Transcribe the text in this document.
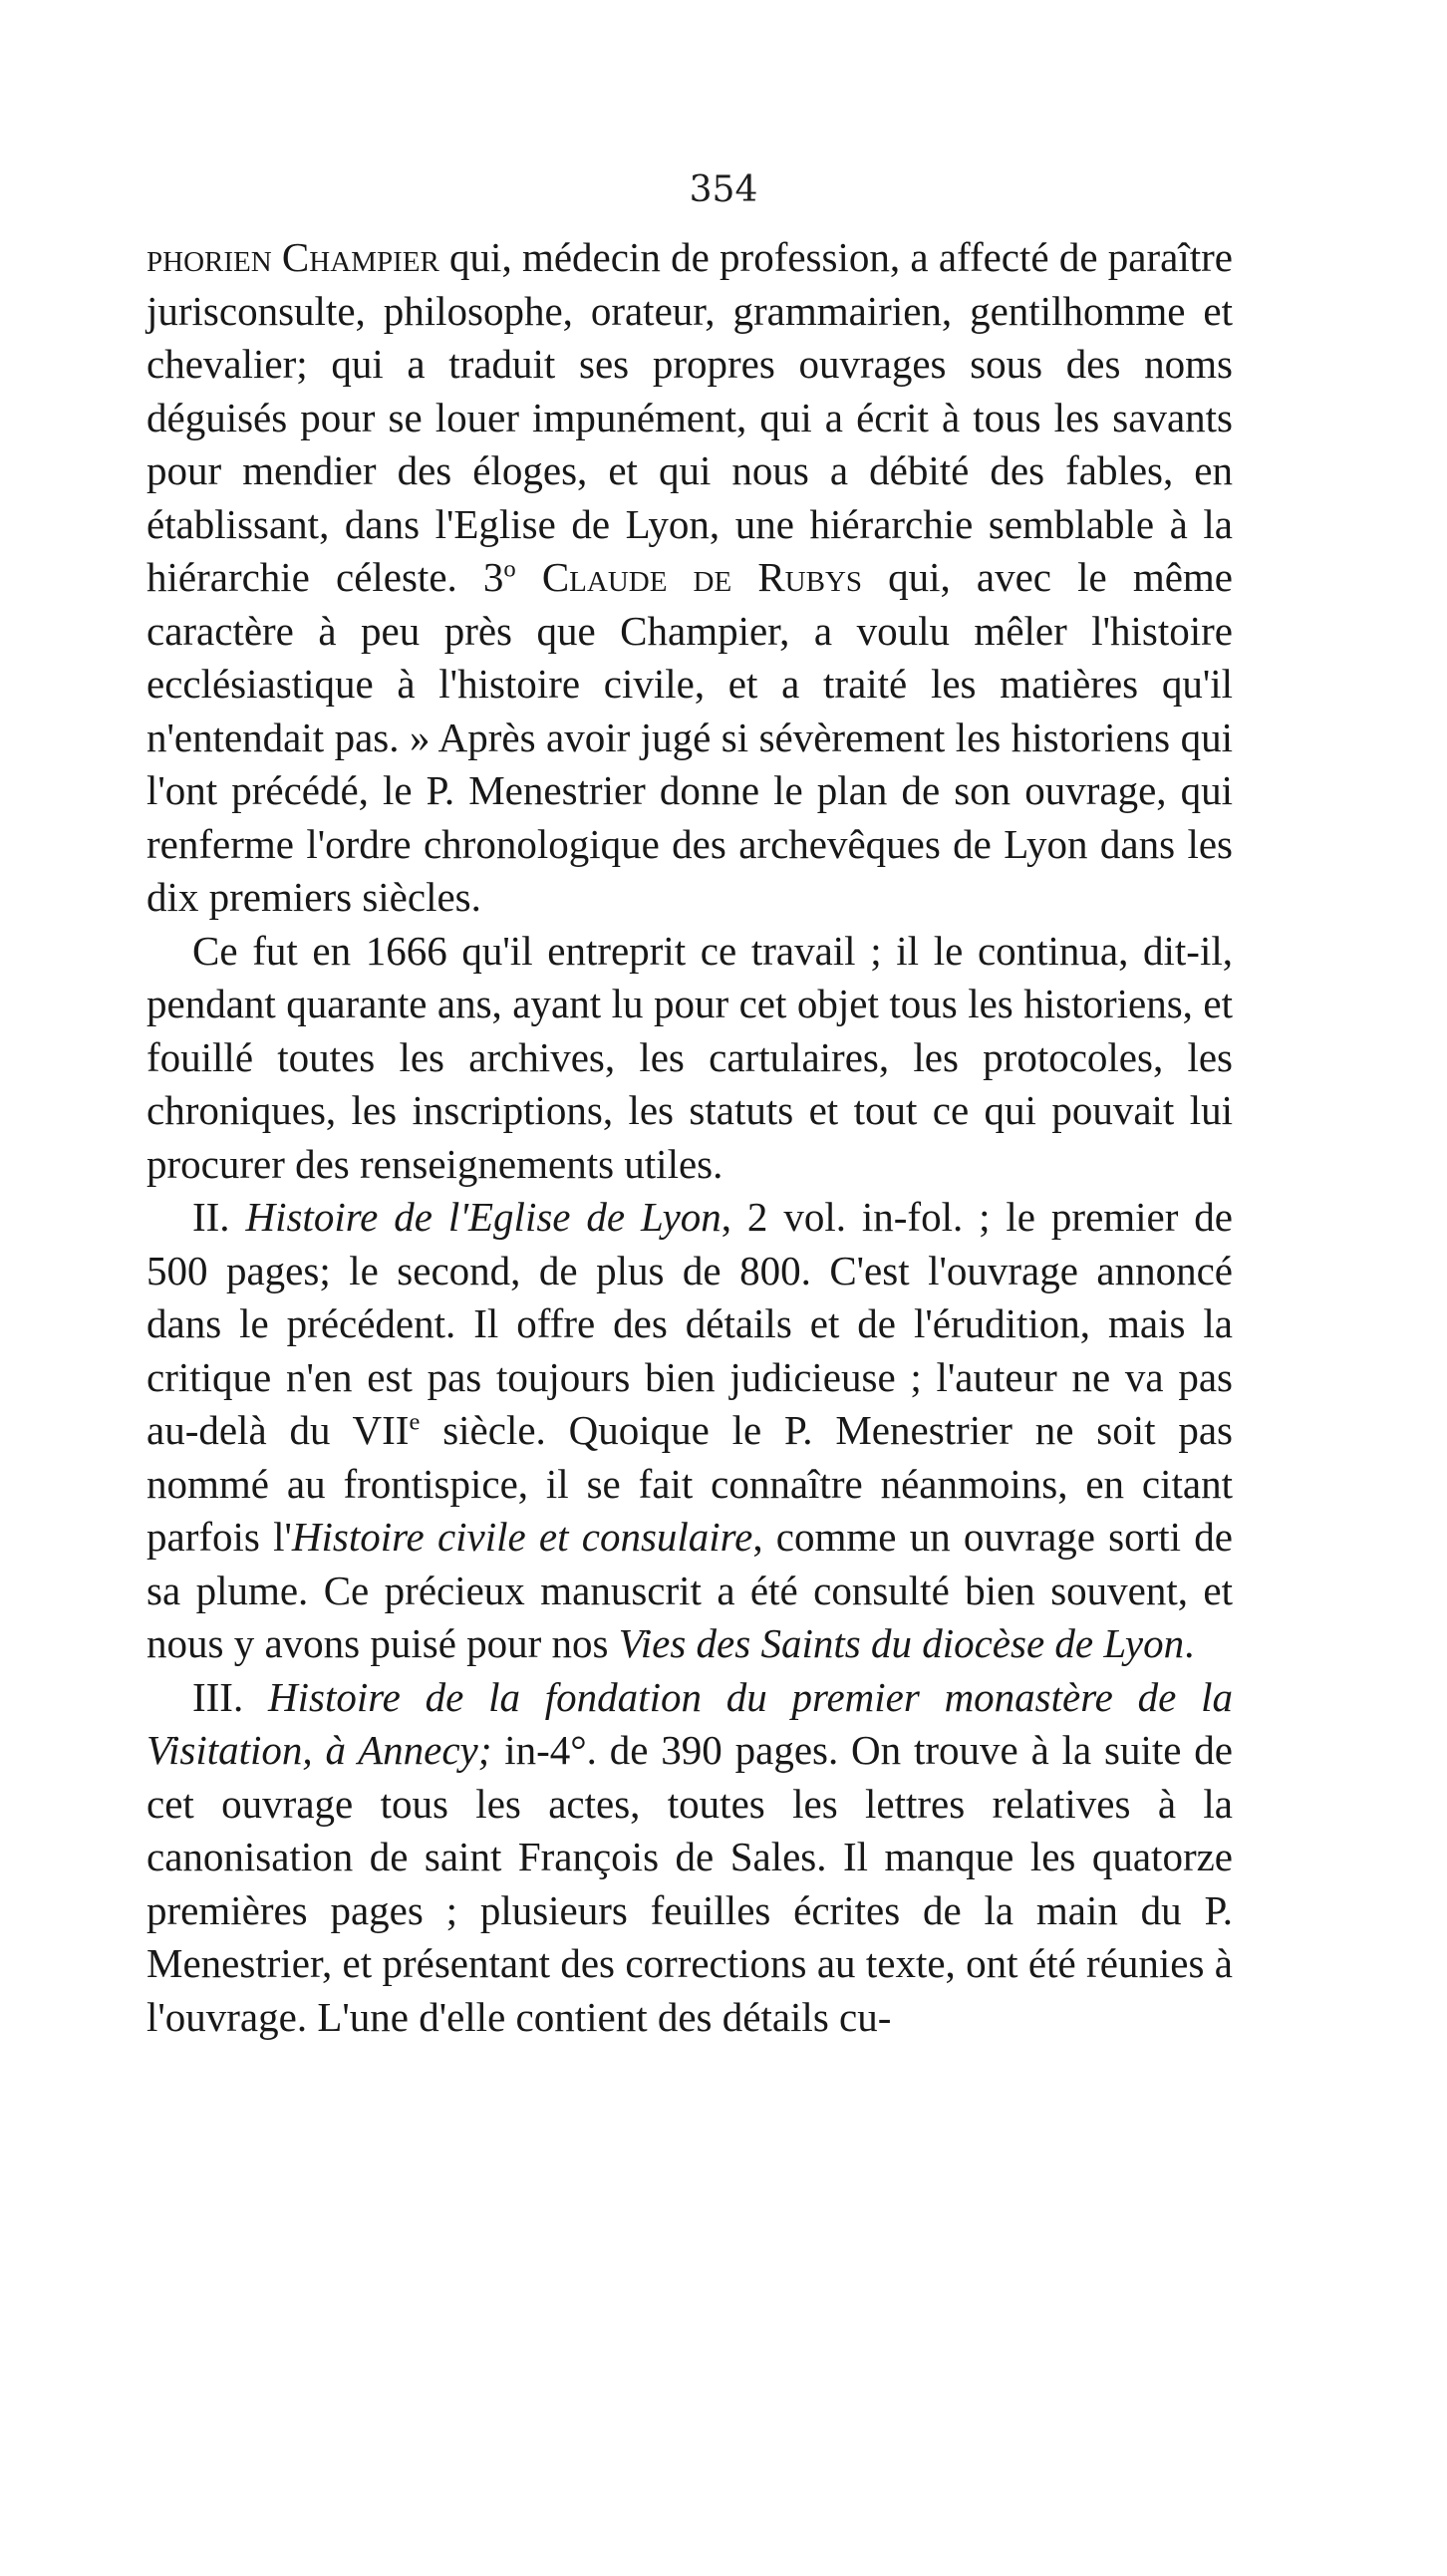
354

phorien Champier qui, médecin de profession, a affecté de paraître jurisconsulte, philosophe, orateur, grammairien, gentilhomme et chevalier; qui a traduit ses propres ouvrages sous des noms déguisés pour se louer impunément, qui a écrit à tous les savants pour mendier des éloges, et qui nous a débité des fables, en établissant, dans l'Eglise de Lyon, une hiérarchie semblable à la hiérarchie céleste. 3$^o$ Claude de Rubys qui, avec le même caractère à peu près que Champier, a voulu mêler l'histoire ecclésiastique à l'histoire civile, et a traité les matières qu'il n'entendait pas. » Après avoir jugé si sévèrement les historiens qui l'ont précédé, le P. Menestrier donne le plan de son ouvrage, qui renferme l'ordre chronologique des archevêques de Lyon dans les dix premiers siècles.

Ce fut en 1666 qu'il entreprit ce travail ; il le continua, dit-il, pendant quarante ans, ayant lu pour cet objet tous les historiens, et fouillé toutes les archives, les cartulaires, les protocoles, les chroniques, les inscriptions, les statuts et tout ce qui pouvait lui procurer des renseignements utiles.

II. Histoire de l'Eglise de Lyon, 2 vol. in-fol. ; le premier de 500 pages; le second, de plus de 800. C'est l'ouvrage annoncé dans le précédent. Il offre des détails et de l'érudition, mais la critique n'en est pas toujours bien judicieuse ; l'auteur ne va pas au-delà du VIIe siècle. Quoique le P. Menestrier ne soit pas nommé au frontispice, il se fait connaître néanmoins, en citant parfois l'Histoire civile et consulaire, comme un ouvrage sorti de sa plume. Ce précieux manuscrit a été consulté bien souvent, et nous y avons puisé pour nos Vies des Saints du diocèse de Lyon.

III. Histoire de la fondation du premier monastère de la Visitation, à Annecy; in-4°. de 390 pages. On trouve à la suite de cet ouvrage tous les actes, toutes les lettres relatives à la canonisation de saint François de Sales. Il manque les quatorze premières pages ; plusieurs feuilles écrites de la main du P. Menestrier, et présentant des corrections au texte, ont été réunies à l'ouvrage. L'une d'elle contient des détails cu-
